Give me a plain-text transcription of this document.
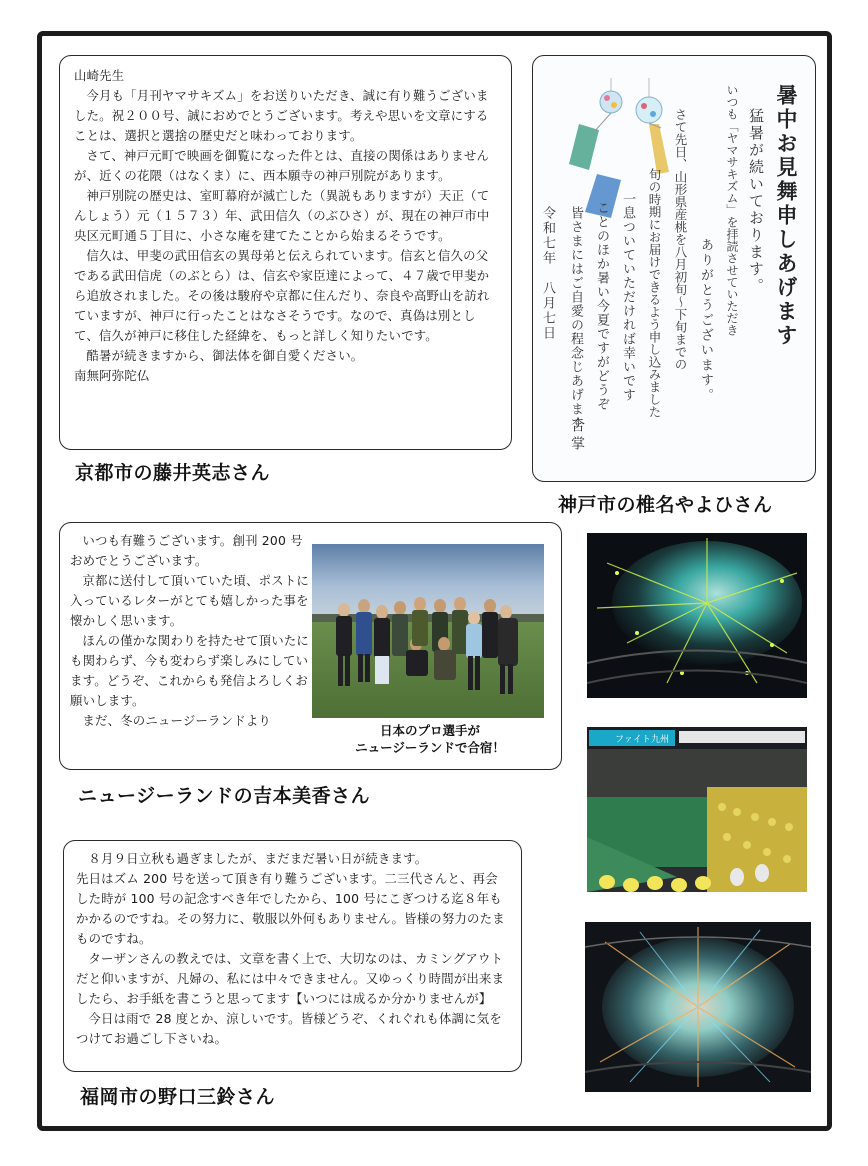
山崎先生

今月も「月刊ヤマサキズム」をお送りいただき、誠に有り難うございました。祝２００号、誠におめでとうございます。考えや思いを文章にすることは、選択と選捨の歴史だと味わっております。

さて、神戸元町で映画を御覧になった件とは、直接の関係はありませんが、近くの花隈（はなくま）に、西本願寺の神戸別院があります。

神戸別院の歴史は、室町幕府が滅亡した（異説もありますが）天正（てんしょう）元（１５７３）年、武田信久（のぶひさ）が、現在の神戸市中央区元町通５丁目に、小さな庵を建てたことから始まるそうです。

信久は、甲斐の武田信玄の異母弟と伝えられています。信玄と信久の父である武田信虎（のぶとら）は、信玄や家臣達によって、４７歳で甲斐から追放されました。その後は駿府や京都に住んだり、奈良や高野山を訪れていますが、神戸に行ったことはなさそうです。なので、真偽は別として、信久が神戸に移住した経緯を、もっと詳しく知りたいです。

酷暑が続きますから、御法体を御自愛ください。

南無阿弥陀仏

京都市の藤井英志さん
暑中お見舞申しあげます
猛暑が続いております。
いつも「ヤマサキズム」を拝読させていただき
ありがとうございます。
さて先日、山形県産桃を八月初旬～下旬までの
旬の時期にお届けできるよう申し込みました
一息ついていただければ幸いです
ことのほか暑い今夏ですがどうぞ
皆さまにはご自愛の程念じあげます
令和七年　八月七日
合掌
神戸市の椎名やよひさん

いつも有難うございます。創刊 200 号おめでとうございます。

京都に送付して頂いていた頃、ポストに入っているレターがとても嬉しかった事を懐かしく思います。

ほんの僅かな関わりを持たせて頂いたにも関わらず、今も変わらず楽しみにしています。どうぞ、これからも発信よろしくお願いします。

まだ、冬のニュージーランドより

日本のプロ選手が
ニュージーランドで合宿！
ニュージーランドの吉本美香さん

８月９日立秋も過ぎましたが、まだまだ暑い日が続きます。

先日はズム 200 号を送って頂き有り難うございます。二三代さんと、再会した時が 100 号の記念すべき年でしたから、100 号にこぎつける迄８年もかかるのですね。その努力に、敬服以外何もありません。皆様の努力のたまものですね。

ターザンさんの教えでは、文章を書く上で、大切なのは、カミングアウトだと仰いますが、凡婦の、私には中々できません。又ゆっくり時間が出来ましたら、お手紙を書こうと思ってます【いつには成るか分かりませんが】

今日は雨で 28 度とか、涼しいです。皆様どうぞ、くれぐれも体調に気をつけてお過ごし下さいね。

福岡市の野口三鈴さん
ファイト九州
